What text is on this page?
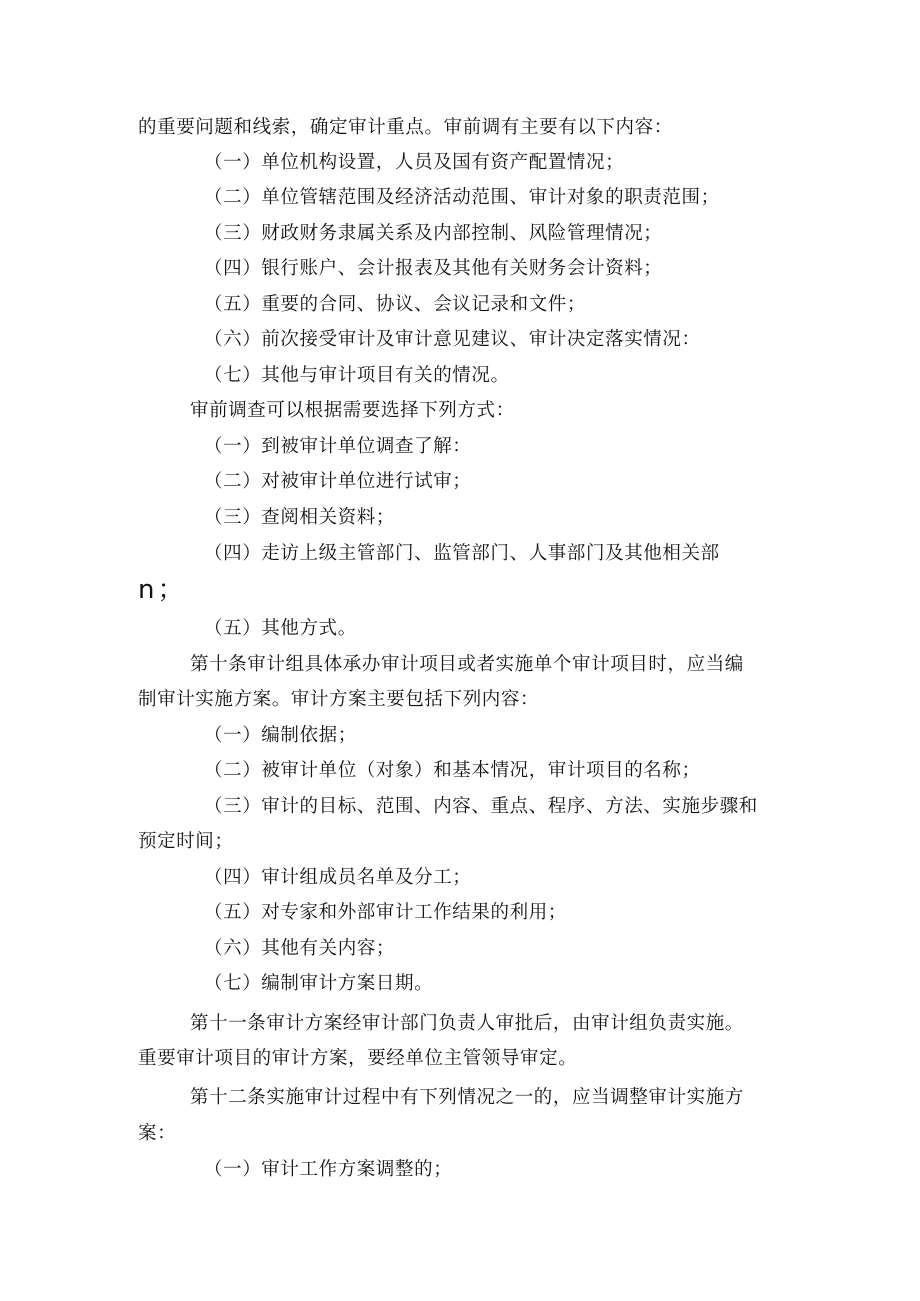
的重要问题和线索，确定审计重点。审前调有主要有以下内容：
（一）单位机构设置，人员及国有资产配置情况；
（二）单位管辖范围及经济活动范围、审计对象的职责范围；
（三）财政财务隶属关系及内部控制、风险管理情况；
（四）银行账户、会计报表及其他有关财务会计资料；
（五）重要的合同、协议、会议记录和文件；
（六）前次接受审计及审计意见建议、审计决定落实情况：
（七）其他与审计项目有关的情况。
审前调查可以根据需要选择下列方式：
（一）到被审计单位调查了解：
（二）对被审计单位进行试审；
（三）查阅相关资料；
（四）走访上级主管部门、监管部门、人事部门及其他相关部
n；
（五）其他方式。
第十条审计组具体承办审计项目或者实施单个审计项目时，应当编
制审计实施方案。审计方案主要包括下列内容：
（一）编制依据；
（二）被审计单位（对象）和基本情况，审计项目的名称；
（三）审计的目标、范围、内容、重点、程序、方法、实施步骤和
预定时间；
（四）审计组成员名单及分工；
（五）对专家和外部审计工作结果的利用；
（六）其他有关内容；
（七）编制审计方案日期。
第十一条审计方案经审计部门负责人审批后，由审计组负责实施。
重要审计项目的审计方案，要经单位主管领导审定。
第十二条实施审计过程中有下列情况之一的，应当调整审计实施方
案：
（一）审计工作方案调整的；
